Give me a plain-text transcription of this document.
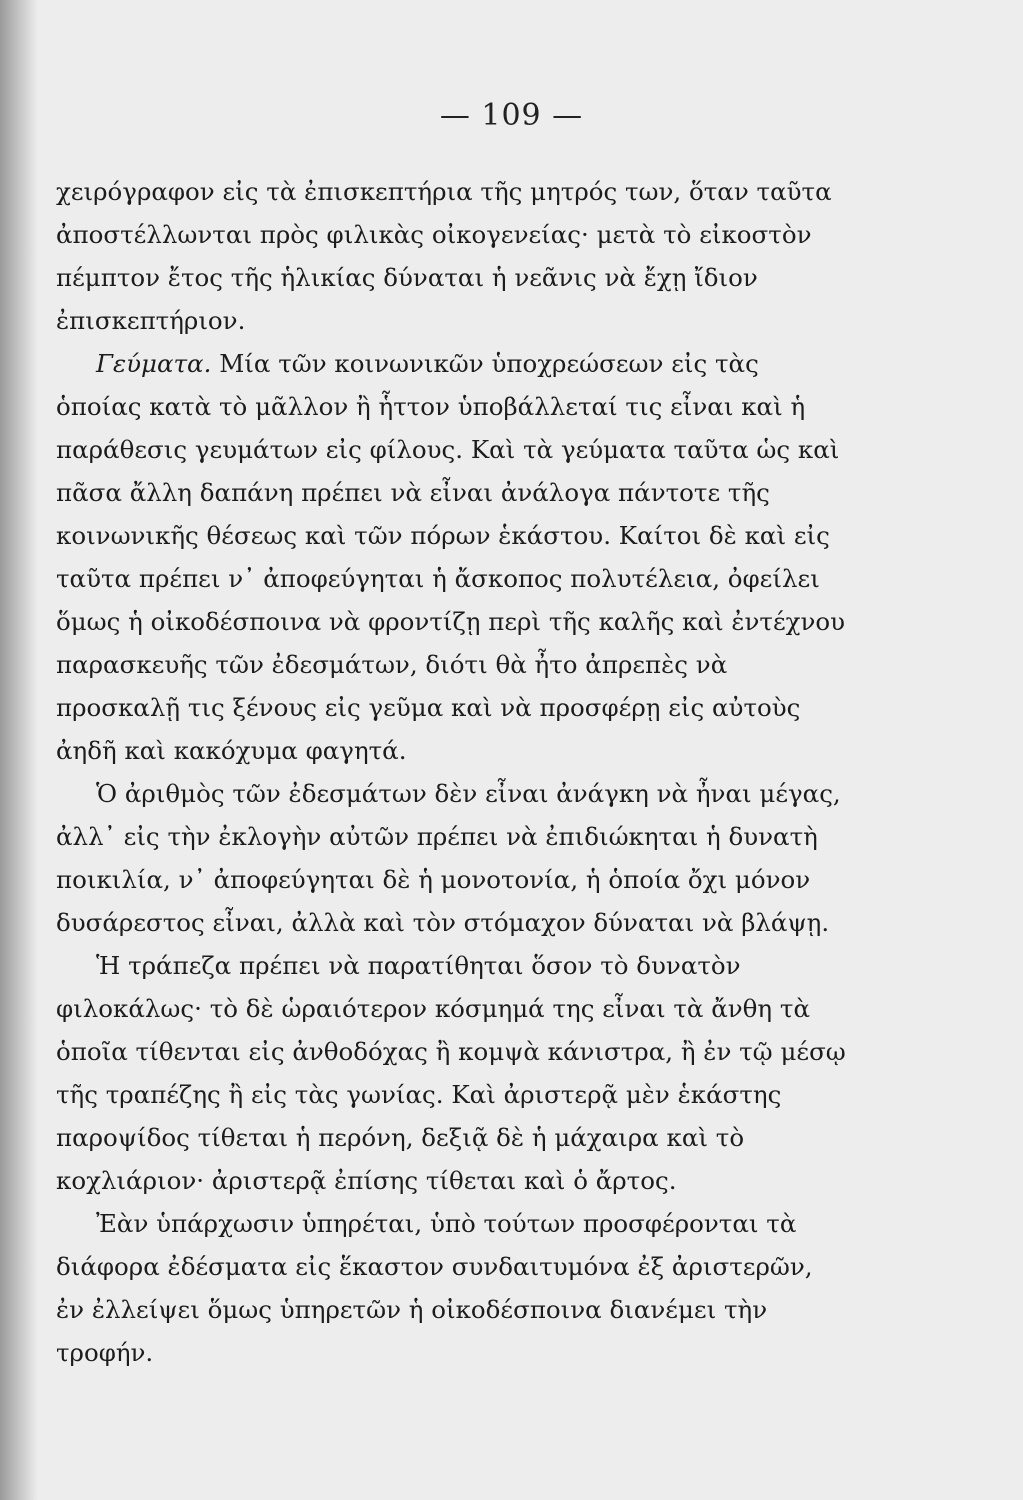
— 109 —

χειρόγραφον εἰς τὰ ἐπισκεπτήρια τῆς μητρός των, ὅταν ταῦτα ἀποστέλλωνται πρὸς φιλικὰς οἰκογενείας· μετὰ τὸ εἰκοστὸν πέμπτον ἔτος τῆς ἡλικίας δύναται ἡ νεᾶνις νὰ ἔχῃ ἴδιον ἐπισκεπτήριον.

Γεύματα. Μία τῶν κοινωνικῶν ὑποχρεώσεων εἰς τὰς ὁποίας κατὰ τὸ μᾶλλον ἢ ἧττον ὑποβάλλεταί τις εἶναι καὶ ἡ παράθεσις γευμάτων εἰς φίλους. Καὶ τὰ γεύματα ταῦτα ὡς καὶ πᾶσα ἄλλη δαπάνη πρέπει νὰ εἶναι ἀνάλογα πάντοτε τῆς κοινωνικῆς θέσεως καὶ τῶν πόρων ἑκάστου. Καίτοι δὲ καὶ εἰς ταῦτα πρέπει ν᾿ ἀποφεύγηται ἡ ἄσκοπος πολυτέλεια, ὀφείλει ὅμως ἡ οἰκοδέσποινα νὰ φροντίζῃ περὶ τῆς καλῆς καὶ ἐντέχνου παρασκευῆς τῶν ἐδεσμάτων, διότι θὰ ἦτο ἀπρεπὲς νὰ προσκαλῇ τις ξένους εἰς γεῦμα καὶ νὰ προσφέρῃ εἰς αὐτοὺς ἀηδῆ καὶ κακόχυμα φαγητά.

Ὁ ἀριθμὸς τῶν ἐδεσμάτων δὲν εἶναι ἀνάγκη νὰ ἦναι μέγας, ἀλλ᾿ εἰς τὴν ἐκλογὴν αὐτῶν πρέπει νὰ ἐπιδιώκηται ἡ δυνατὴ ποικιλία, ν᾿ ἀποφεύγηται δὲ ἡ μονοτονία, ἡ ὁποία ὄχι μόνον δυσάρεστος εἶναι, ἀλλὰ καὶ τὸν στόμαχον δύναται νὰ βλάψῃ.

Ἡ τράπεζα πρέπει νὰ παρατίθηται ὅσον τὸ δυνατὸν φιλοκάλως· τὸ δὲ ὡραιότερον κόσμημά της εἶναι τὰ ἄνθη τὰ ὁποῖα τίθενται εἰς ἀνθοδόχας ἢ κομψὰ κάνιστρα, ἢ ἐν τῷ μέσῳ τῆς τραπέζης ἢ εἰς τὰς γωνίας. Καὶ ἀριστερᾷ μὲν ἑκάστης παροψίδος τίθεται ἡ περόνη, δεξιᾷ δὲ ἡ μάχαιρα καὶ τὸ κοχλιάριον· ἀριστερᾷ ἐπίσης τίθεται καὶ ὁ ἄρτος.

Ἐὰν ὑπάρχωσιν ὑπηρέται, ὑπὸ τούτων προσφέρονται τὰ διάφορα ἐδέσματα εἰς ἕκαστον συνδαιτυμόνα ἐξ ἀριστερῶν, ἐν ἐλλείψει ὅμως ὑπηρετῶν ἡ οἰκοδέσποινα διανέμει τὴν τροφήν.
